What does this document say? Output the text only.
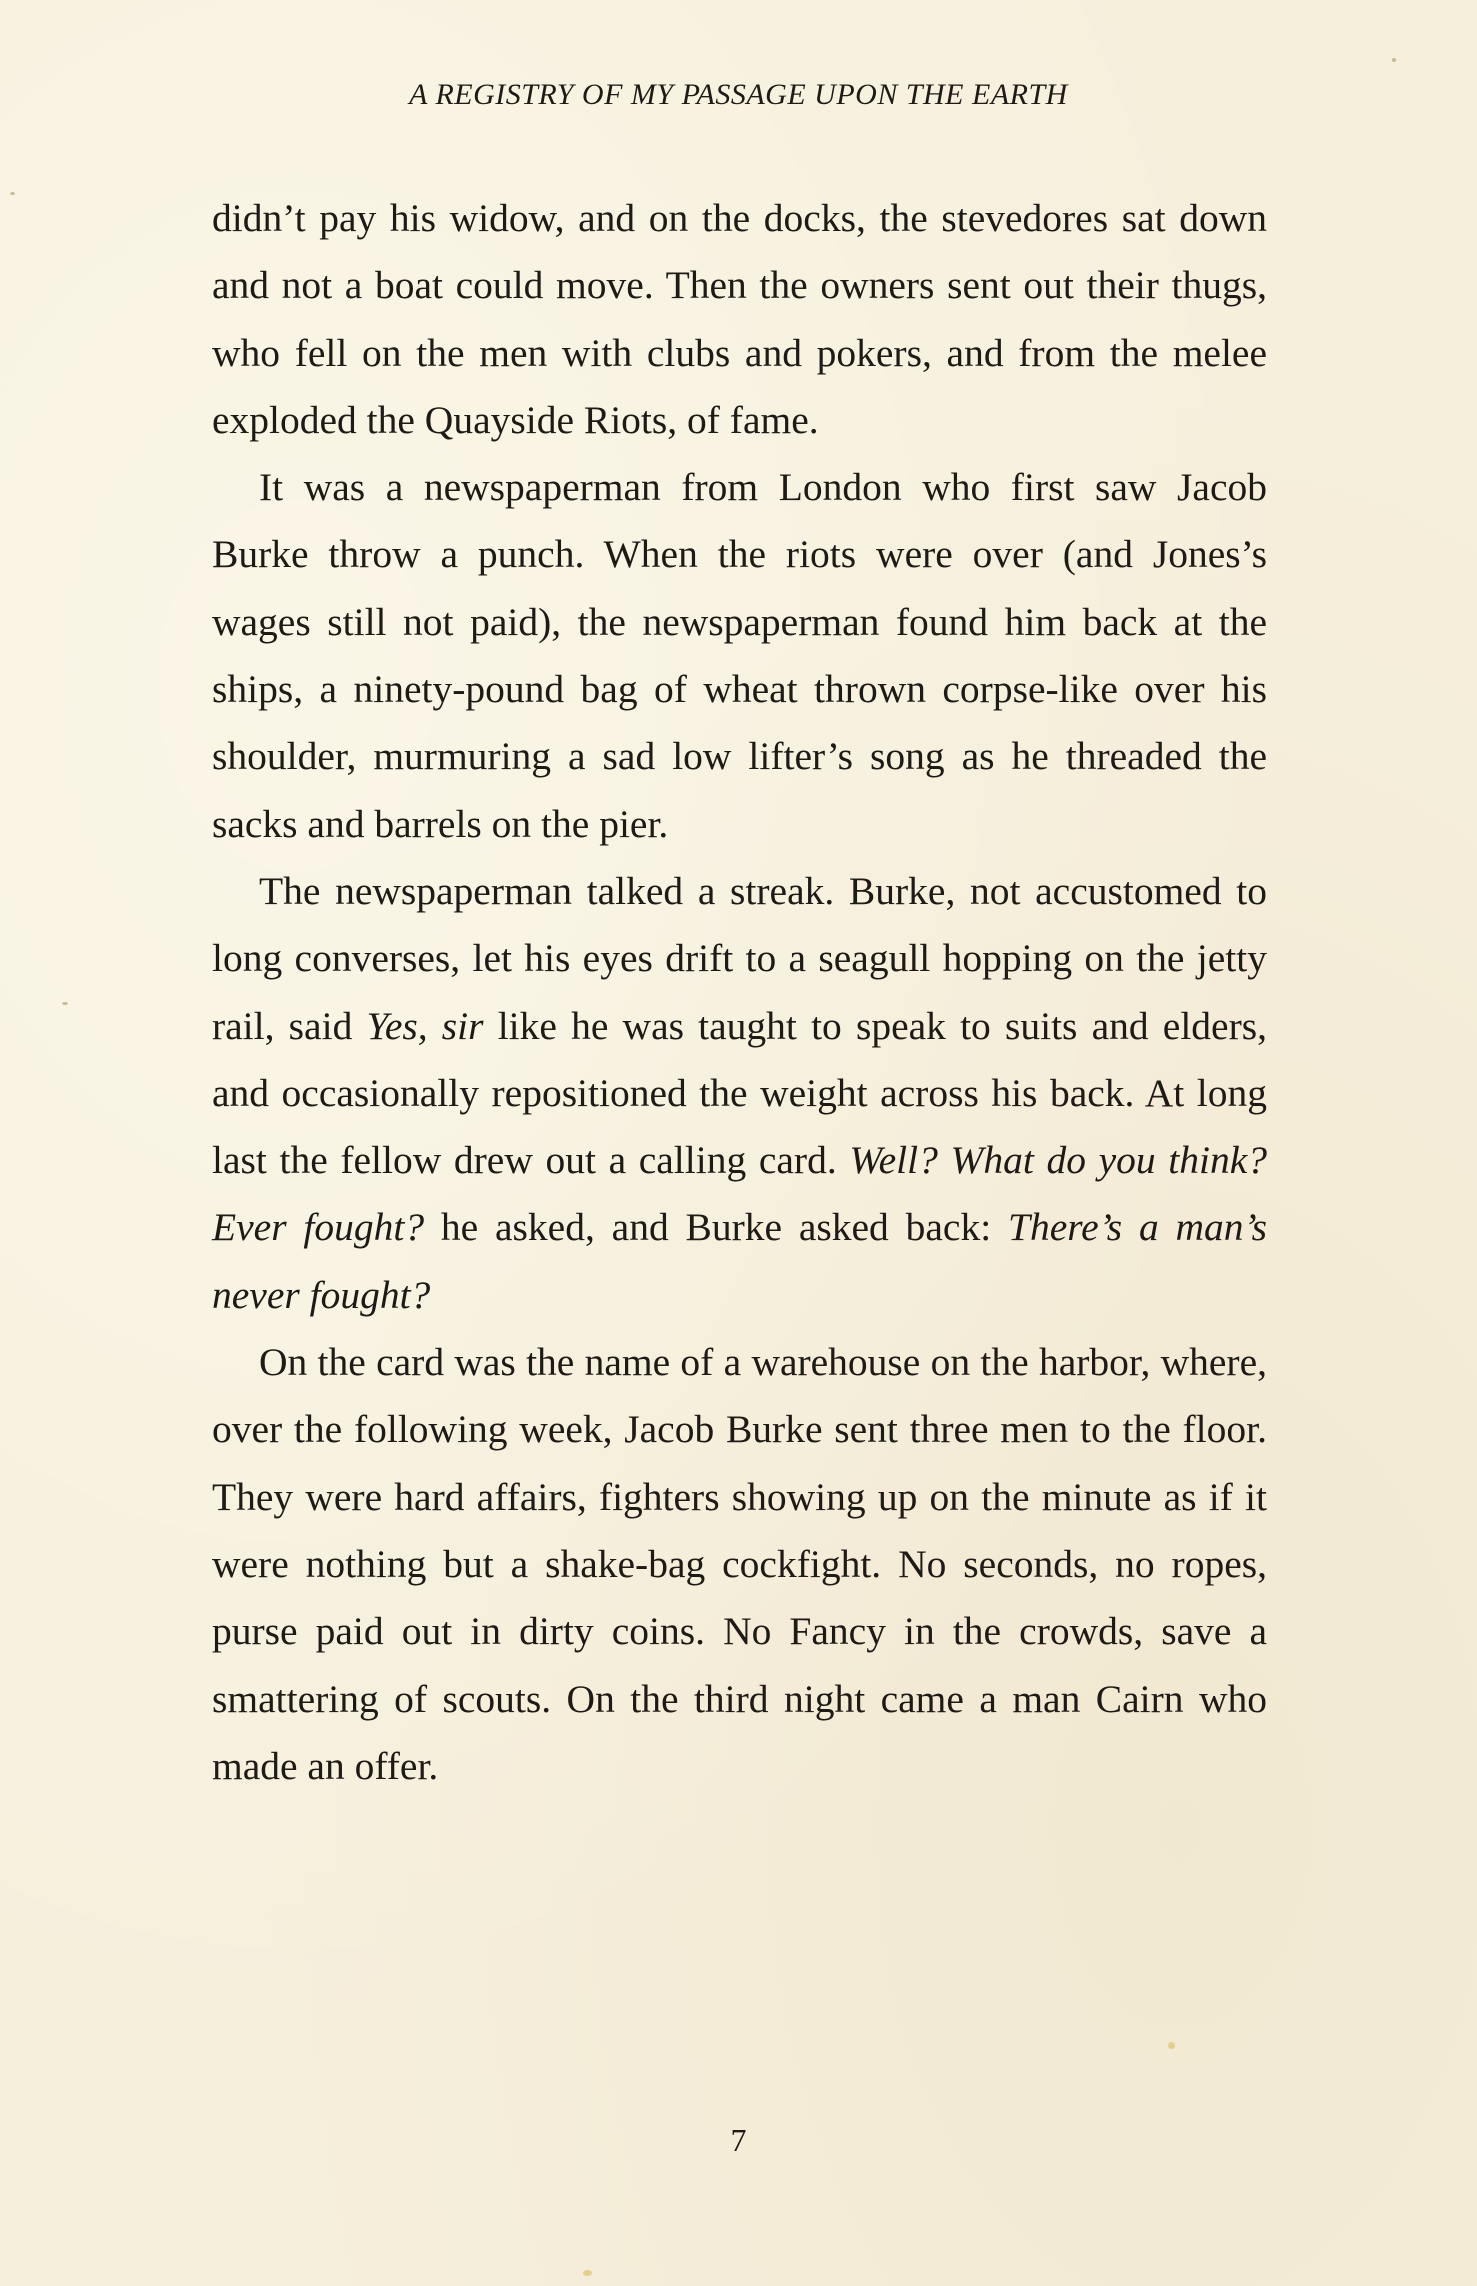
A REGISTRY OF MY PASSAGE UPON THE EARTH

didn’t pay his widow, and on the docks, the stevedores sat down and not a boat could move. Then the owners sent out their thugs, who fell on the men with clubs and pokers, and from the melee exploded the Quayside Riots, of fame.

It was a newspaperman from London who first saw Jacob Burke throw a punch. When the riots were over (and Jones’s wages still not paid), the newspaperman found him back at the ships, a ninety-pound bag of wheat thrown corpse-like over his shoulder, murmuring a sad low lifter’s song as he threaded the sacks and barrels on the pier.

The newspaperman talked a streak. Burke, not accustomed to long converses, let his eyes drift to a seagull hopping on the jetty rail, said Yes, sir like he was taught to speak to suits and elders, and occasionally repositioned the weight across his back. At long last the fellow drew out a calling card. Well? What do you think? Ever fought? he asked, and Burke asked back: There’s a man’s never fought?

On the card was the name of a warehouse on the harbor, where, over the following week, Jacob Burke sent three men to the floor. They were hard affairs, fighters showing up on the minute as if it were nothing but a shake-bag cockfight. No seconds, no ropes, purse paid out in dirty coins. No Fancy in the crowds, save a smattering of scouts. On the third night came a man Cairn who made an offer.

7
